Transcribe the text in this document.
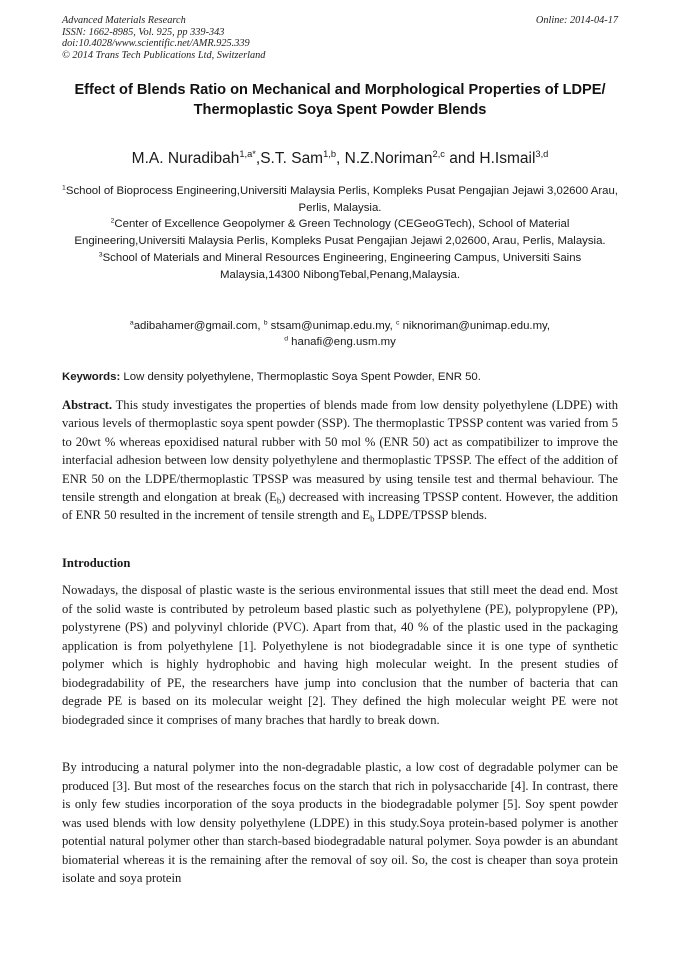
Advanced Materials Research
ISSN: 1662-8985, Vol. 925, pp 339-343
doi:10.4028/www.scientific.net/AMR.925.339
© 2014 Trans Tech Publications Ltd, Switzerland
Online: 2014-04-17
Effect of Blends Ratio on Mechanical and Morphological Properties of LDPE/ Thermoplastic Soya Spent Powder Blends
M.A. Nuradibah$^{1,a*}$,S.T. Sam$^{1,b}$, N.Z.Noriman$^{2,c}$ and H.Ismail$^{3,d}$

$^1$School of Bioprocess Engineering,Universiti Malaysia Perlis, Kompleks Pusat Pengajian Jejawi 3,02600 Arau, Perlis, Malaysia.

$^2$Center of Excellence Geopolymer & Green Technology (CEGeoGTech), School of Material Engineering,Universiti Malaysia Perlis, Kompleks Pusat Pengajian Jejawi 2,02600, Arau, Perlis, Malaysia.

$^3$School of Materials and Mineral Resources Engineering, Engineering Campus, Universiti Sains Malaysia,14300 NibongTebal,Penang,Malaysia.

$^a$adibahamer@gmail.com, $^b$ stsam@unimap.edu.my, $^c$ niknoriman@unimap.edu.my,

$^d$ hanafi@eng.usm.my

Keywords: Low density polyethylene, Thermoplastic Soya Spent Powder, ENR 50.

Abstract. This study investigates the properties of blends made from low density polyethylene (LDPE) with various levels of thermoplastic soya spent powder (SSP). The thermoplastic TPSSP content was varied from 5 to 20wt % whereas epoxidised natural rubber with 50 mol % (ENR 50) act as compatibilizer to improve the interfacial adhesion between low density polyethylene and thermoplastic TPSSP. The effect of the addition of ENR 50 on the LDPE/thermoplastic TPSSP was measured by using tensile test and thermal behaviour. The tensile strength and elongation at break $(E_b)$ decreased with increasing TPSSP content. However, the addition of ENR 50 resulted in the increment of tensile strength and $E_b$ LDPE/TPSSP blends.

Introduction

Nowadays, the disposal of plastic waste is the serious environmental issues that still meet the dead end. Most of the solid waste is contributed by petroleum based plastic such as polyethylene (PE), polypropylene (PP), polystyrene (PS) and polyvinyl chloride (PVC). Apart from that, 40 % of the plastic used in the packaging application is from polyethylene [1]. Polyethylene is not biodegradable since it is one type of synthetic polymer which is highly hydrophobic and having high molecular weight. In the present studies of biodegradability of PE, the researchers have jump into conclusion that the number of bacteria that can degrade PE is based on its molecular weight [2]. They defined the high molecular weight PE were not biodegraded since it comprises of many braches that hardly to break down.

By introducing a natural polymer into the non-degradable plastic, a low cost of degradable polymer can be produced [3]. But most of the researches focus on the starch that rich in polysaccharide [4]. In contrast, there is only few studies incorporation of the soya products in the biodegradable polymer [5]. Soy spent powder was used blends with low density polyethylene (LDPE) in this study.Soya protein-based polymer is another potential natural polymer other than starch-based biodegradable natural polymer. Soya powder is an abundant biomaterial whereas it is the remaining after the removal of soy oil. So, the cost is cheaper than soya protein isolate and soya protein
